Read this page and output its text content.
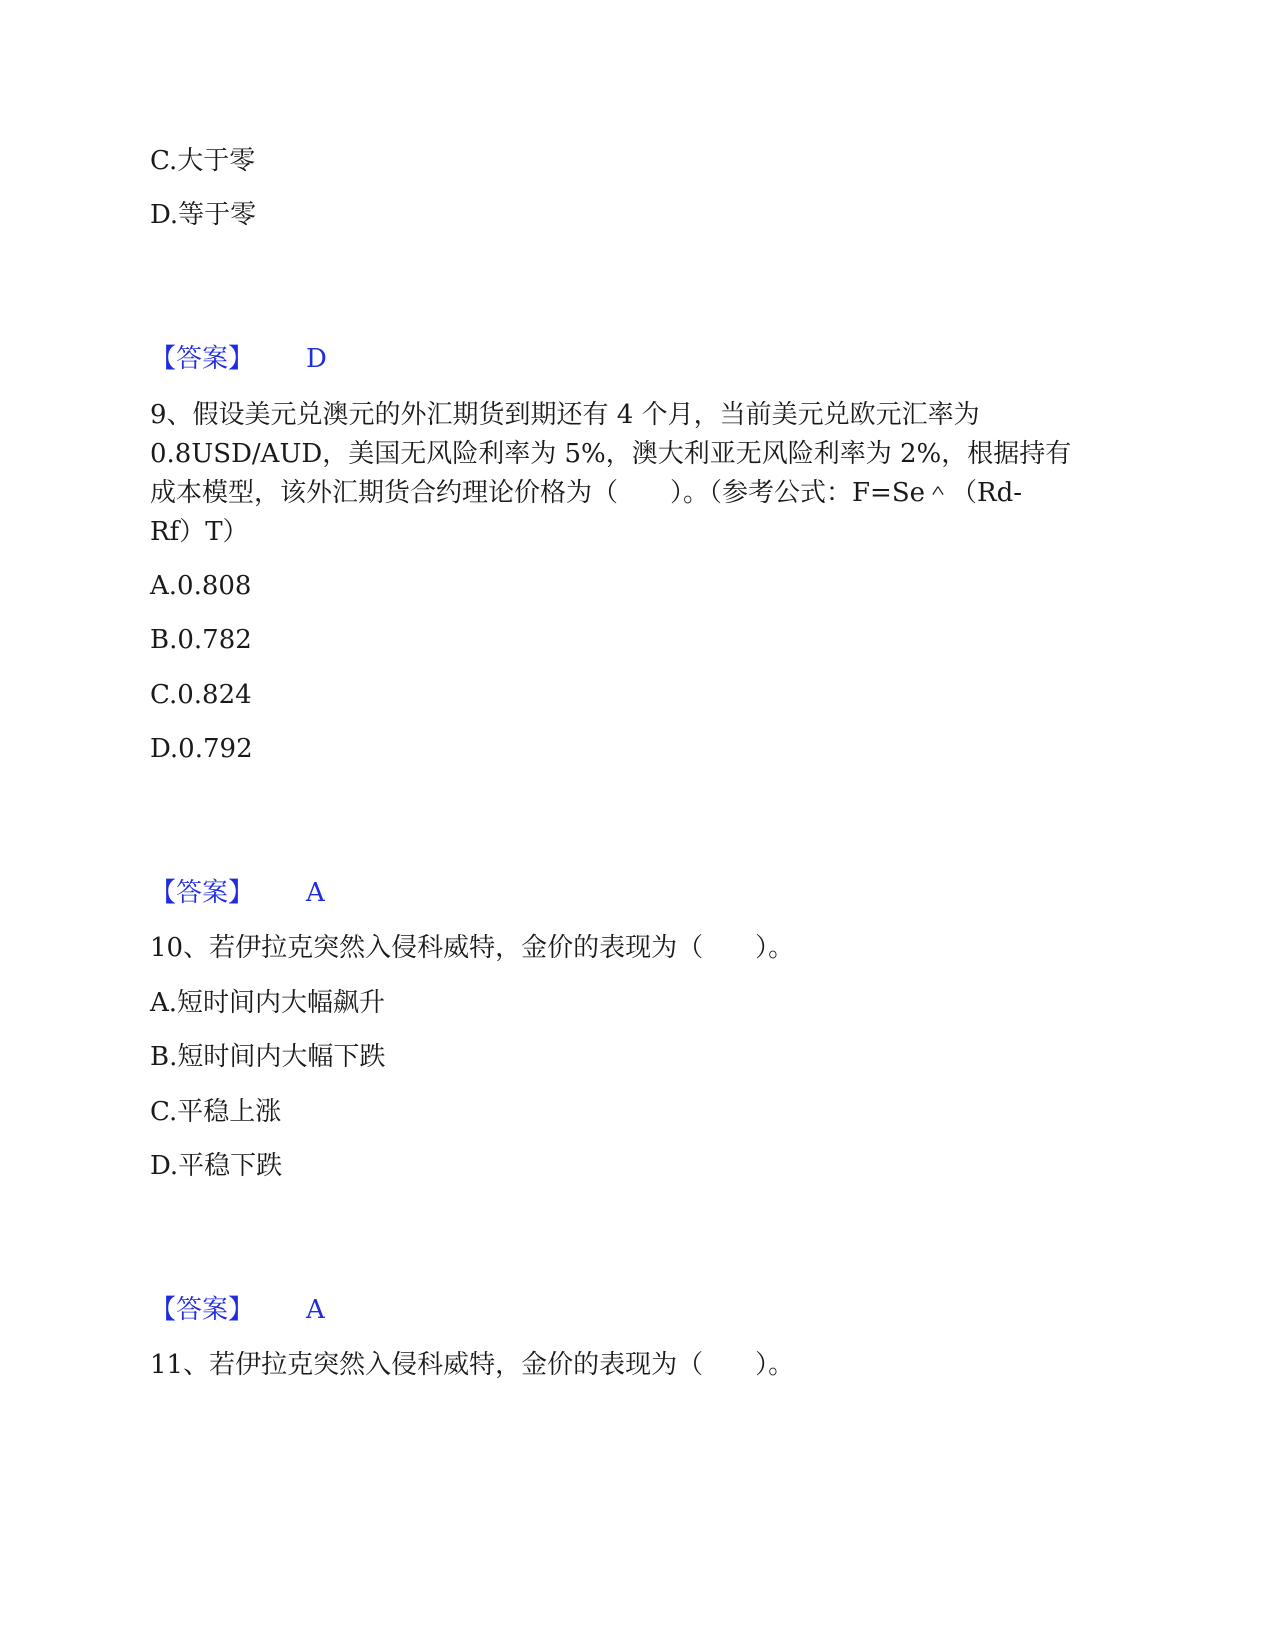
C.大于零

D.等于零

【答案】 D

9、假设美元兑澳元的外汇期货到期还有 4 个月，当前美元兑欧元汇率为

0.8USD/AUD，美国无风险利率为 5%，澳大利亚无风险利率为 2%，根据持有

成本模型，该外汇期货合约理论价格为（　　）。（参考公式：F=Se＾（Rd-

Rf）T）

A.0.808

B.0.782

C.0.824

D.0.792

【答案】 A

10、若伊拉克突然入侵科威特，金价的表现为（　　）。

A.短时间内大幅飙升

B.短时间内大幅下跌

C.平稳上涨

D.平稳下跌

【答案】 A

11、若伊拉克突然入侵科威特，金价的表现为（　　）。
